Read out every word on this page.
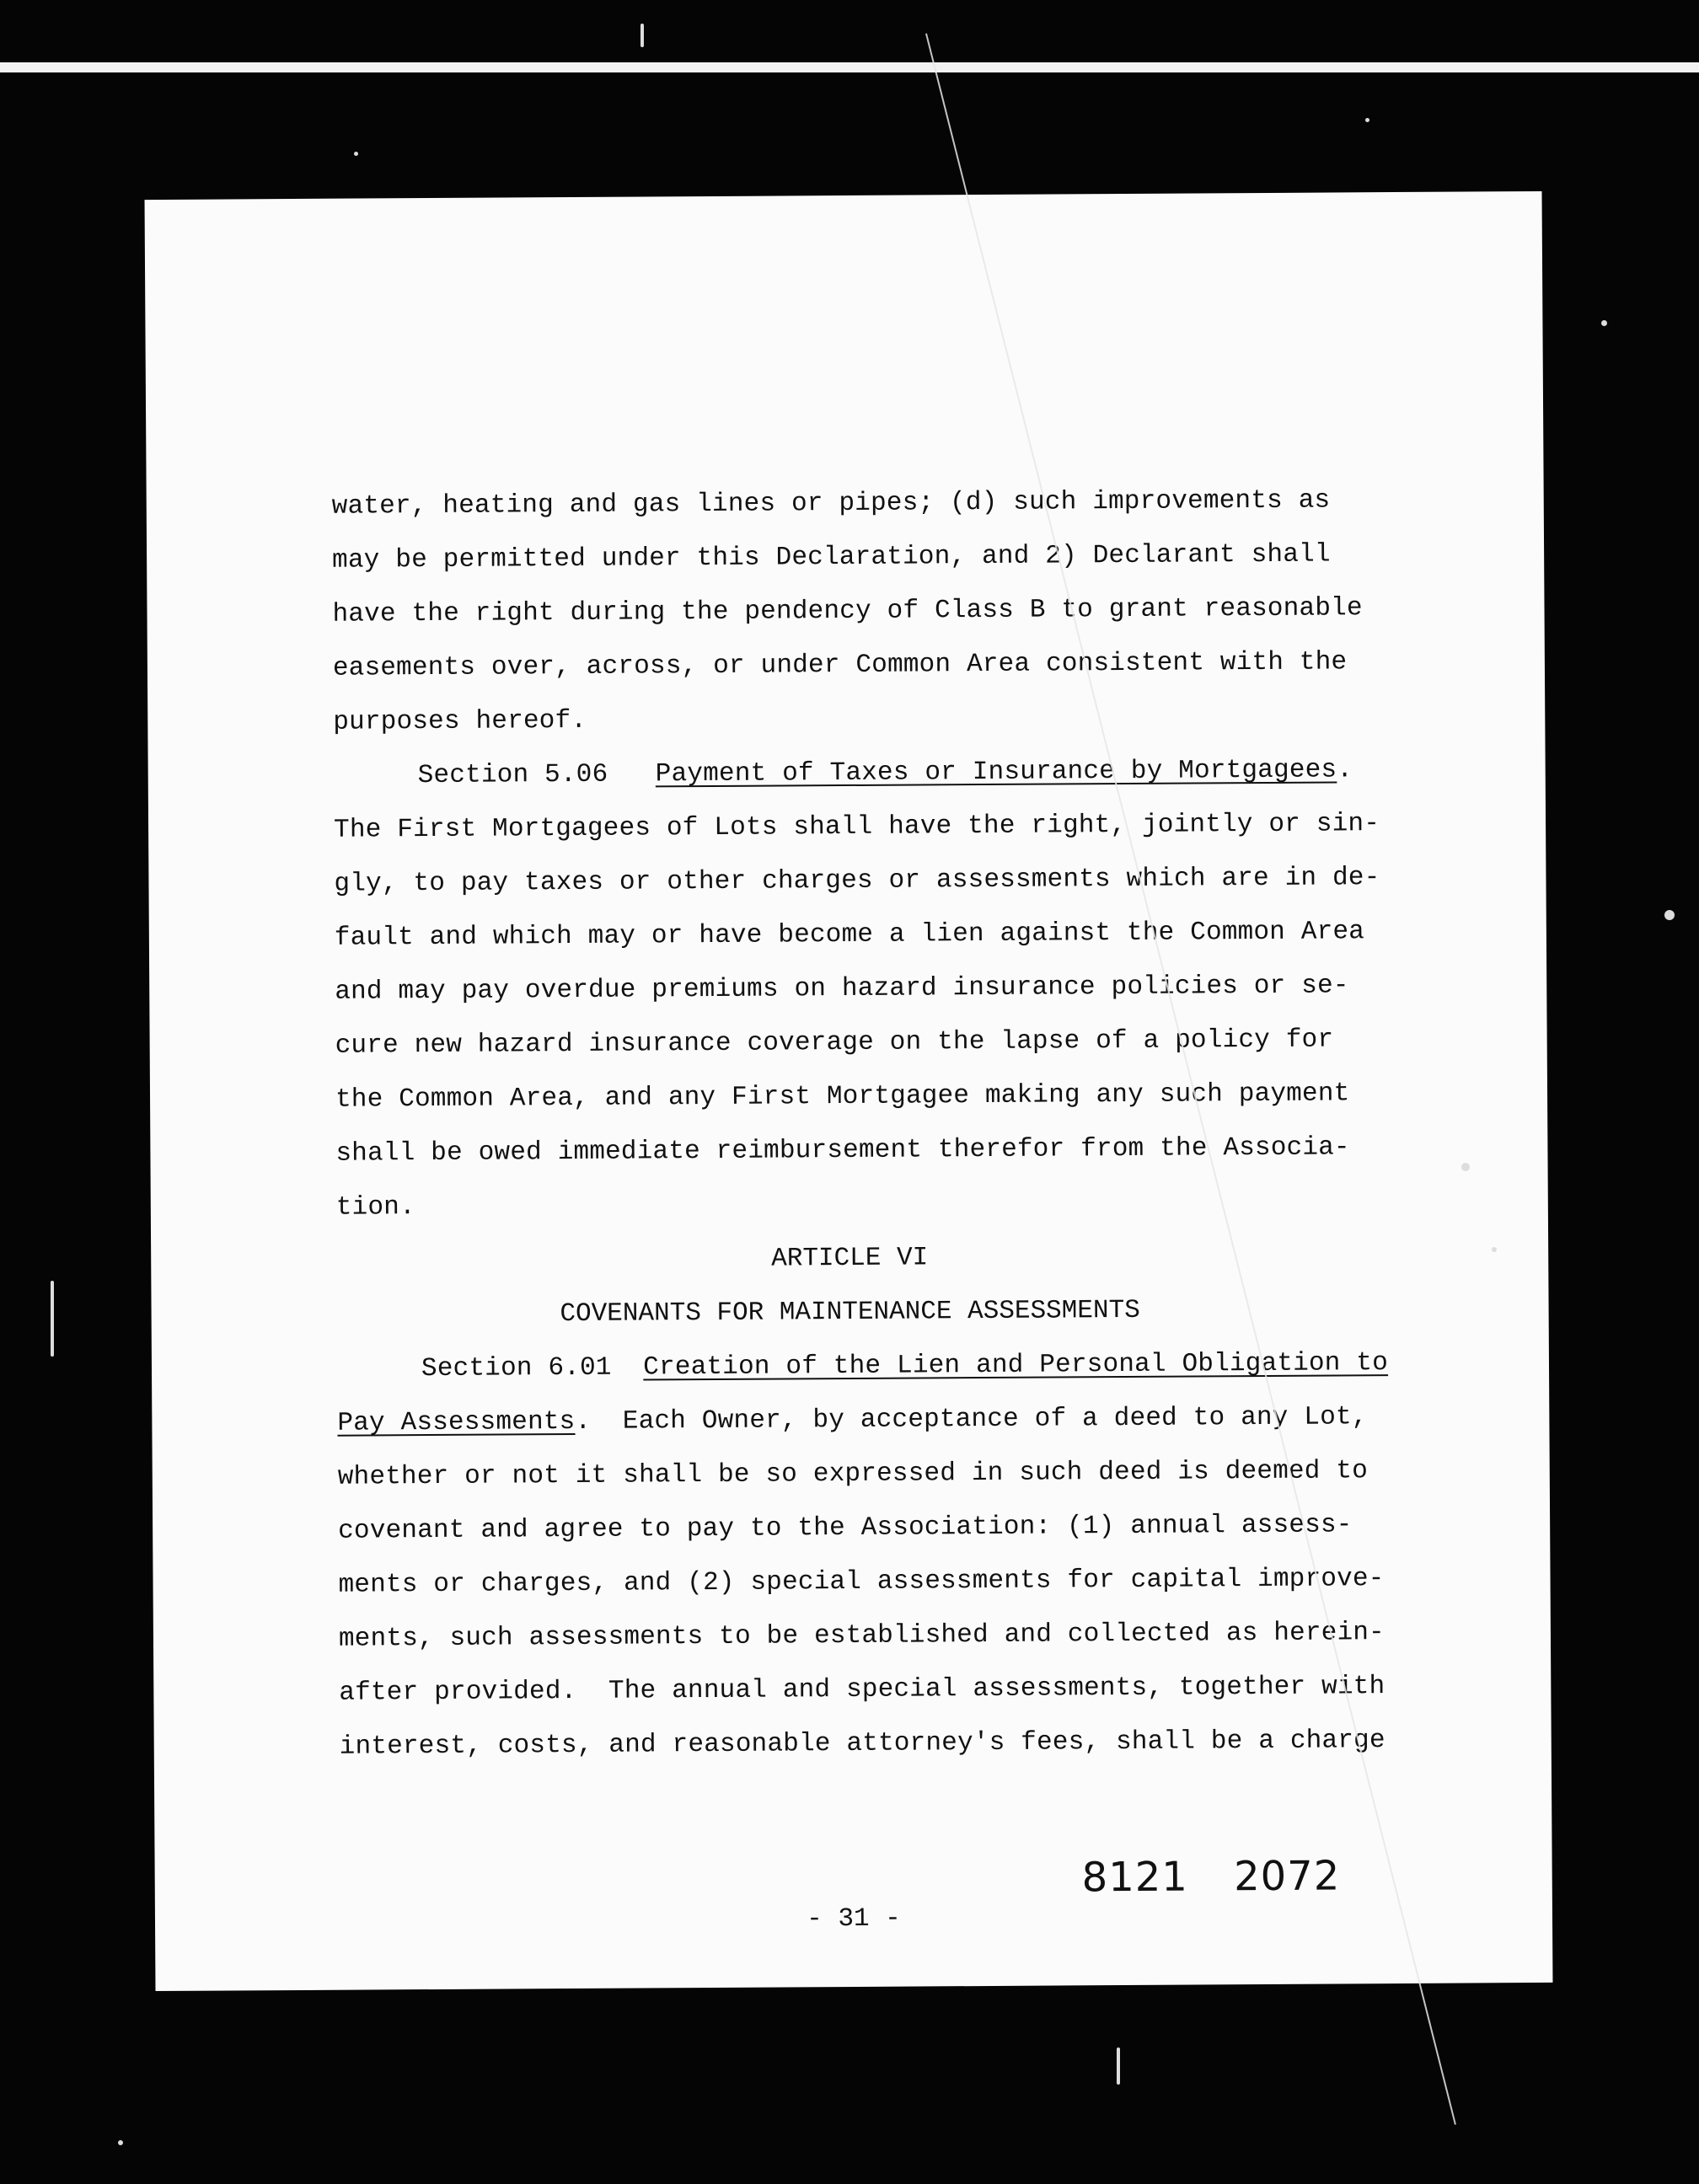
water, heating and gas lines or pipes; (d) such improvements as
may be permitted under this Declaration, and 2) Declarant shall
have the right during the pendency of Class B to grant reasonable
easements over, across, or under Common Area consistent with the
purposes hereof.
Section 5.06 Payment of Taxes or Insurance by Mortgagees.
The First Mortgagees of Lots shall have the right, jointly or sin-
gly, to pay taxes or other charges or assessments which are in de-
fault and which may or have become a lien against the Common Area
and may pay overdue premiums on hazard insurance policies or se-
cure new hazard insurance coverage on the lapse of a policy for
the Common Area, and any First Mortgagee making any such payment
shall be owed immediate reimbursement therefor from the Associa-
tion.
ARTICLE VI
COVENANTS FOR MAINTENANCE ASSESSMENTS
Section 6.01 Creation of the Lien and Personal Obligation to
Pay Assessments.  Each Owner, by acceptance of a deed to any Lot,
whether or not it shall be so expressed in such deed is deemed to
covenant and agree to pay to the Association: (1) annual assess-
ments or charges, and (2) special assessments for capital improve-
ments, such assessments to be established and collected as herein-
after provided.  The annual and special assessments, together with
interest, costs, and reasonable attorney's fees, shall be a charge
8121 2072
- 31 -
